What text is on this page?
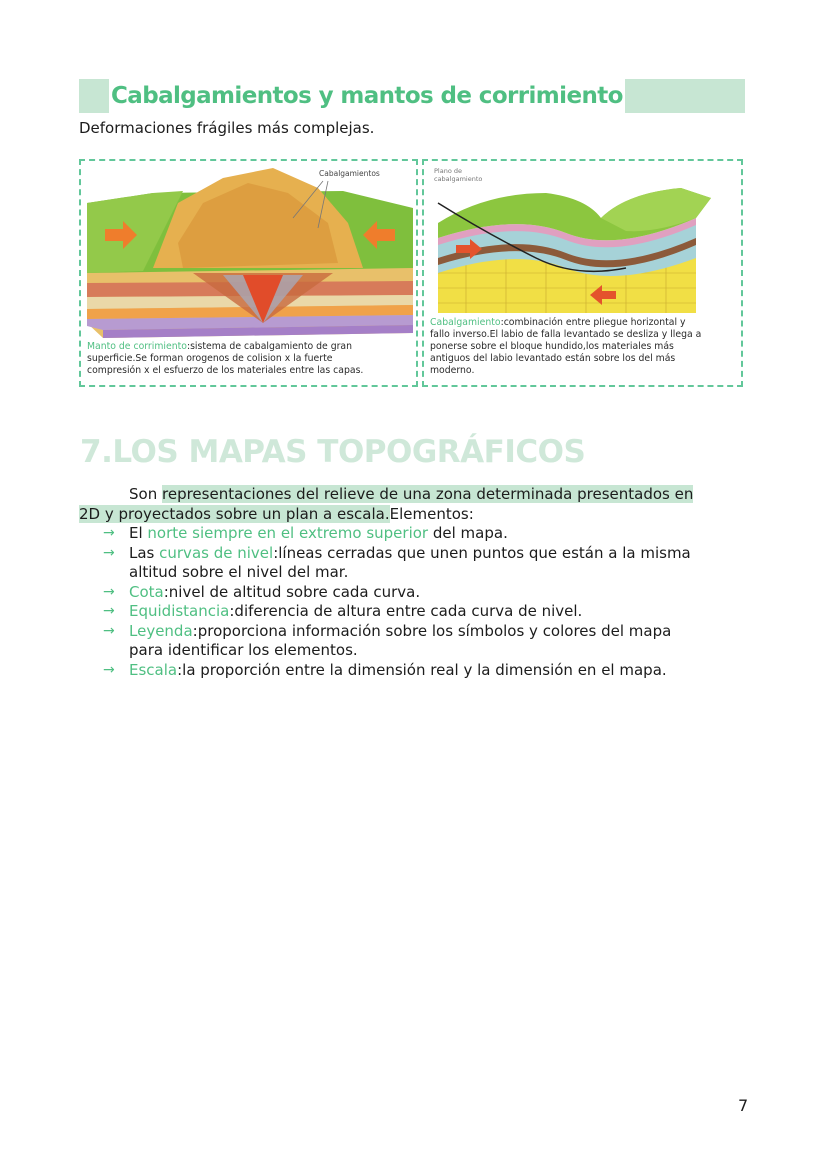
Cabalgamientos y mantos de corrimiento
Deformaciones frágiles más complejas.
Cabalgamientos
Manto de corrimiento:sistema de cabalgamiento de gran
superficie.Se forman orogenos de colision x la fuerte
compresión x el esfuerzo de los materiales entre las capas.
Plano de
cabalgamiento
Cabalgamiento:combinación entre pliegue horizontal y
fallo inverso.El labio de falla levantado se desliza y llega a
ponerse sobre el bloque hundido,los materiales más
antiguos del labio levantado están sobre los del más
moderno.
7.LOS MAPAS TOPOGRÁFICOS
Son representaciones del relieve de una zona determinada presentados en
2D y proyectados sobre un plan a escala.Elementos:
→ El norte siempre en el extremo superior del mapa.
→ Las curvas de nivel:líneas cerradas que unen puntos que están a la misma
altitud sobre el nivel del mar.
→ Cota:nivel de altitud sobre cada curva.
→ Equidistancia:diferencia de altura entre cada curva de nivel.
→ Leyenda:proporciona información sobre los símbolos y colores del mapa
para identificar los elementos.
→ Escala:la proporción entre la dimensión real y la dimensión en el mapa.
7
